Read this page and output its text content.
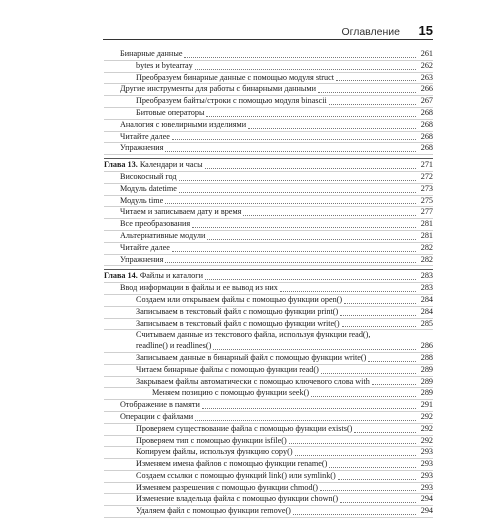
Оглавление 15
Бинарные данные	261
bytes и bytearray	262
Преобразуем бинарные данные с помощью модуля struct	263
Другие инструменты для работы с бинарными данными	266
Преобразуем байты/строки с помощью модуля binascii	267
Битовые операторы	268
Аналогия с ювелирными изделиями	268
Читайте далее	268
Упражнения	268
Глава 13. Календари и часы	271
Високосный год	272
Модуль datetime	273
Модуль time	275
Читаем и записываем дату и время	277
Все преобразования	281
Альтернативные модули	281
Читайте далее	282
Упражнения	282
Глава 14. Файлы и каталоги	283
Ввод информации в файлы и ее вывод из них	283
Создаем или открываем файлы с помощью функции open()	284
Записываем в текстовый файл с помощью функции print()	284
Записываем в текстовый файл с помощью функции write()	285
Считываем данные из текстового файла, используя функции read(),
readline() и readlines()	286
Записываем данные в бинарный файл с помощью функции write()	288
Читаем бинарные файлы с помощью функции read()	289
Закрываем файлы автоматически с помощью ключевого слова with	289
Меняем позицию с помощью функции seek()	289
Отображение в памяти	291
Операции с файлами	292
Проверяем существование файла с помощью функции exists()	292
Проверяем тип с помощью функции isfile()	292
Копируем файлы, используя функцию copy()	293
Изменяем имена файлов с помощью функции rename()	293
Создаем ссылки с помощью функций link() или symlink()	293
Изменяем разрешения с помощью функции chmod()	293
Изменение владельца файла с помощью функции chown()	294
Удаляем файл с помощью функции remove()	294
